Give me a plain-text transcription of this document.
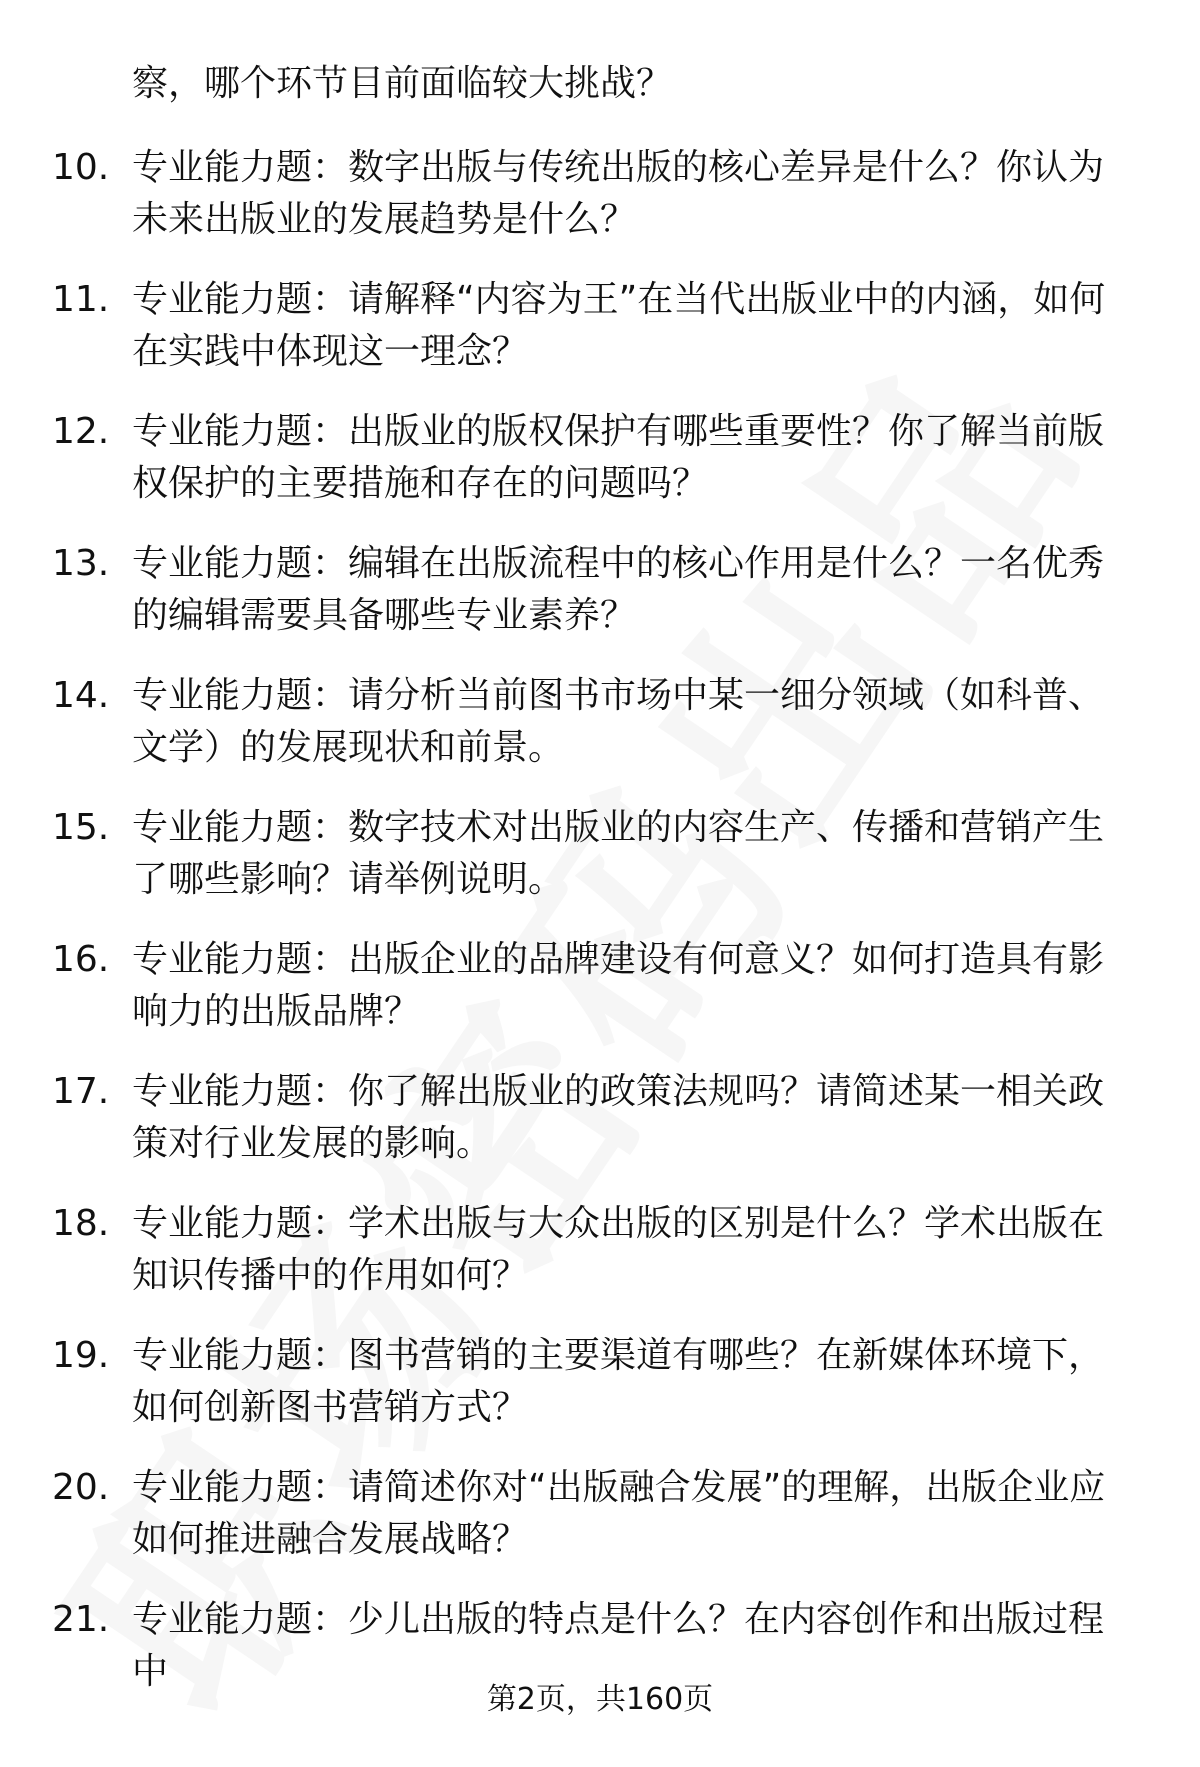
察，哪个环节目前面临较大挑战？
10. 专业能力题：数字出版与传统出版的核心差异是什么？你认为未来出版业的发展趋势是什么？
11. 专业能力题：请解释“内容为王”在当代出版业中的内涵，如何在实践中体现这一理念？
12. 专业能力题：出版业的版权保护有哪些重要性？你了解当前版权保护的主要措施和存在的问题吗？
13. 专业能力题：编辑在出版流程中的核心作用是什么？一名优秀的编辑需要具备哪些专业素养？
14. 专业能力题：请分析当前图书市场中某一细分领域（如科普、文学）的发展现状和前景。
15. 专业能力题：数字技术对出版业的内容生产、传播和营销产生了哪些影响？请举例说明。
16. 专业能力题：出版企业的品牌建设有何意义？如何打造具有影响力的出版品牌？
17. 专业能力题：你了解出版业的政策法规吗？请简述某一相关政策对行业发展的影响。
18. 专业能力题：学术出版与大众出版的区别是什么？学术出版在知识传播中的作用如何？
19. 专业能力题：图书营销的主要渠道有哪些？在新媒体环境下，如何创新图书营销方式？
20. 专业能力题：请简述你对“出版融合发展”的理解，出版企业应如何推进融合发展战略？
21. 专业能力题：少儿出版的特点是什么？在内容创作和出版过程中
第2页，共160页
